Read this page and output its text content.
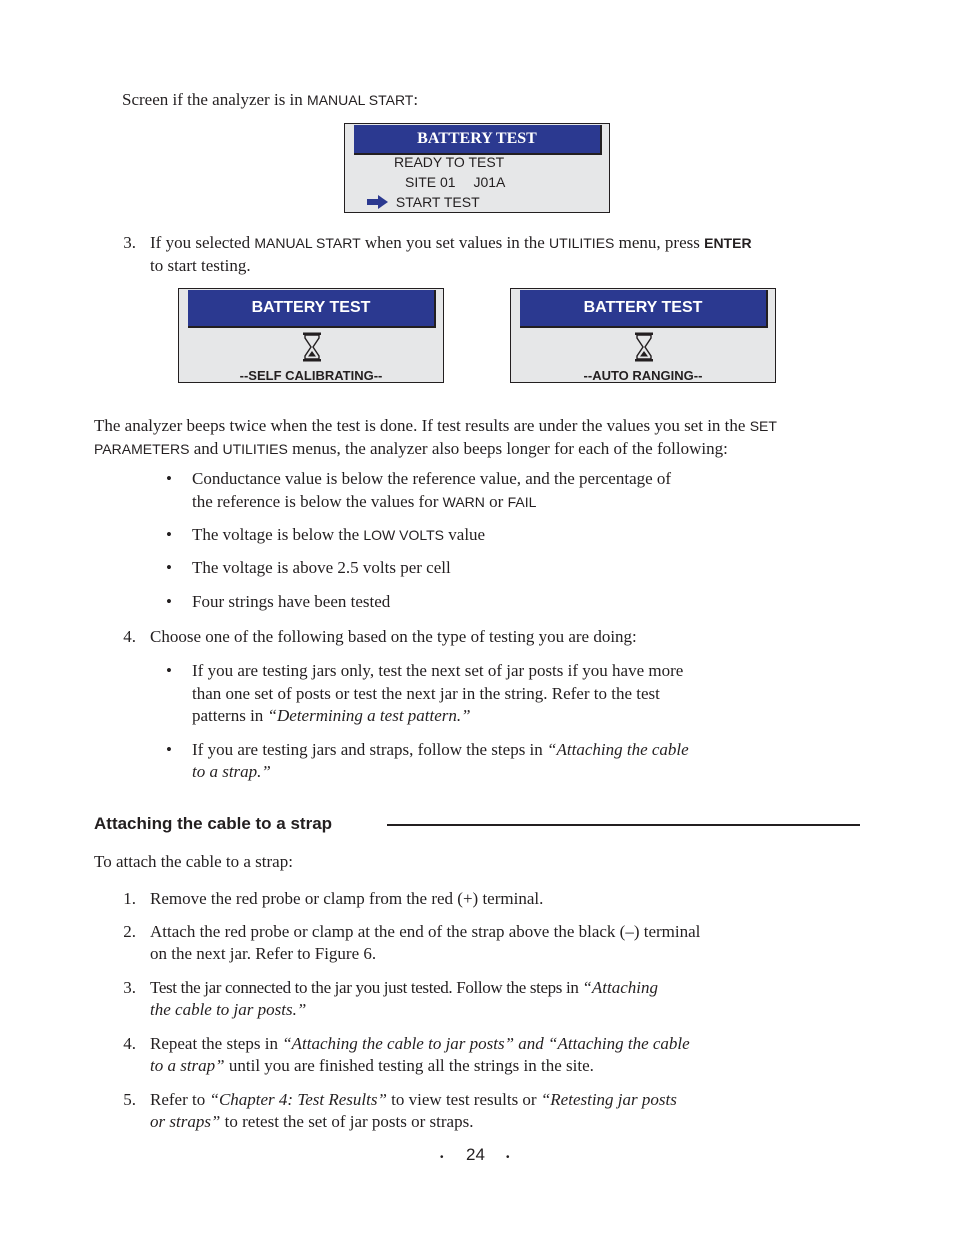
Screen if the analyzer is in MANUAL START:
BATTERY TEST
READY TO TEST
SITE 01 J01A
START TEST
3. If you selected MANUAL START when you set values in the UTILITIES menu, press ENTER
to start testing.
BATTERY TEST
--SELF CALIBRATING--
BATTERY TEST
--AUTO RANGING--
The analyzer beeps twice when the test is done. If test results are under the values you set in the SET
PARAMETERS and UTILITIES menus, the analyzer also beeps longer for each of the following:
• Conductance value is below the reference value, and the percentage of
the reference is below the values for WARN or FAIL
• The voltage is below the LOW VOLTS value
• The voltage is above 2.5 volts per cell
• Four strings have been tested
4. Choose one of the following based on the type of testing you are doing:
• If you are testing jars only, test the next set of jar posts if you have more
than one set of posts or test the next jar in the string. Refer to the test
patterns in “Determining a test pattern.”
• If you are testing jars and straps, follow the steps in “Attaching the cable
to a strap.”
Attaching the cable to a strap
To attach the cable to a strap:
1. Remove the red probe or clamp from the red (+) terminal.
2. Attach the red probe or clamp at the end of the strap above the black (–) terminal
on the next jar. Refer to Figure 6.
3. Test the jar connected to the jar you just tested. Follow the steps in “Attaching
the cable to jar posts.”
4. Repeat the steps in “Attaching the cable to jar posts” and “Attaching the cable
to a strap” until you are finished testing all the strings in the site.
5. Refer to “Chapter 4: Test Results” to view test results or “Retesting jar posts
or straps” to retest the set of jar posts or straps.
• 24 •
